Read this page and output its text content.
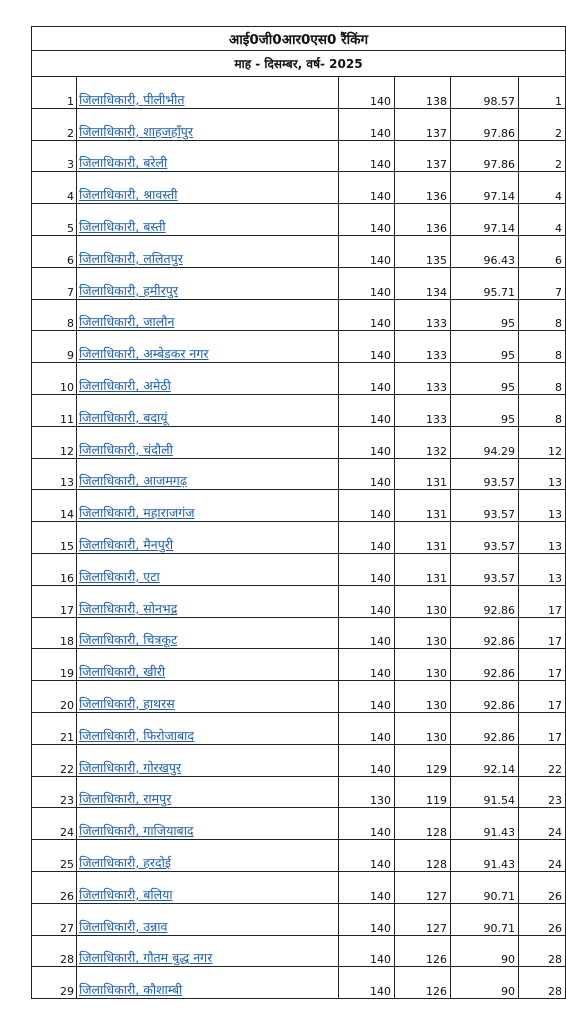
आई0जी0आर0एस0 रैंकिंग					
माह - दिसम्बर, वर्ष- 2025					
1	जिलाधिकारी, पीलीभीत	140	138	98.57	1
2	जिलाधिकारी, शाहजहाँपुर	140	137	97.86	2
3	जिलाधिकारी, बरेली	140	137	97.86	2
4	जिलाधिकारी, श्रावस्ती	140	136	97.14	4
5	जिलाधिकारी, बस्ती	140	136	97.14	4
6	जिलाधिकारी, ललितपुर	140	135	96.43	6
7	जिलाधिकारी, हमीरपुर	140	134	95.71	7
8	जिलाधिकारी, जालौन	140	133	95	8
9	जिलाधिकारी, अम्बेडकर नगर	140	133	95	8
10	जिलाधिकारी, अमेठी	140	133	95	8
11	जिलाधिकारी, बदायूं	140	133	95	8
12	जिलाधिकारी, चंदौली	140	132	94.29	12
13	जिलाधिकारी, आजमगढ़	140	131	93.57	13
14	जिलाधिकारी, महाराजगंज	140	131	93.57	13
15	जिलाधिकारी, मैनपुरी	140	131	93.57	13
16	जिलाधिकारी, एटा	140	131	93.57	13
17	जिलाधिकारी, सोनभद्र	140	130	92.86	17
18	जिलाधिकारी, चित्रकूट	140	130	92.86	17
19	जिलाधिकारी, खीरी	140	130	92.86	17
20	जिलाधिकारी, हाथरस	140	130	92.86	17
21	जिलाधिकारी, फिरोजाबाद	140	130	92.86	17
22	जिलाधिकारी, गोरखपुर	140	129	92.14	22
23	जिलाधिकारी, रामपुर	130	119	91.54	23
24	जिलाधिकारी, गाजियाबाद	140	128	91.43	24
25	जिलाधिकारी, हरदोई	140	128	91.43	24
26	जिलाधिकारी, बलिया	140	127	90.71	26
27	जिलाधिकारी, उन्नाव	140	127	90.71	26
28	जिलाधिकारी, गौतम बुद्ध नगर	140	126	90	28
29	जिलाधिकारी, कौशाम्बी	140	126	90	28
